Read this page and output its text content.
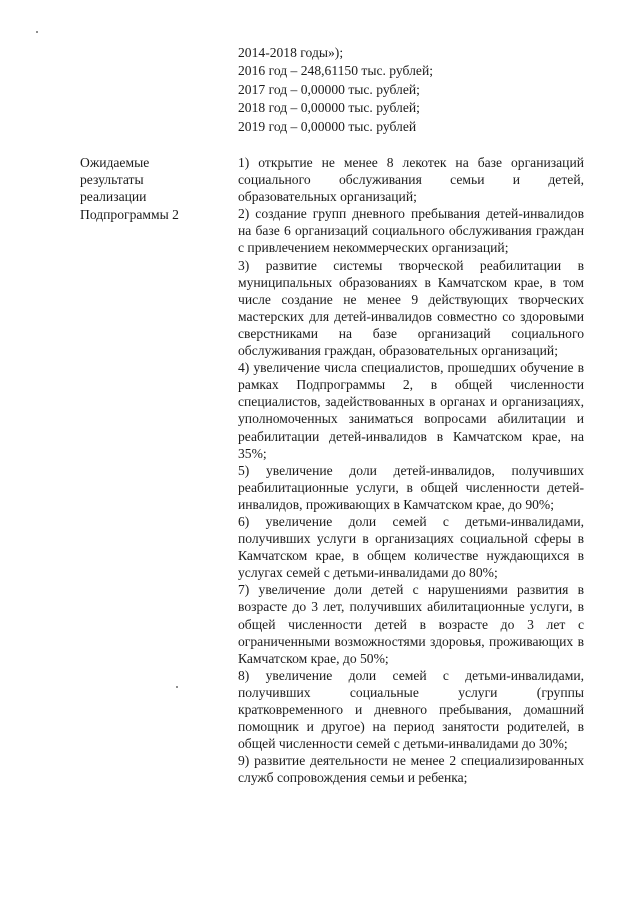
2014-2018 годы»);
2016 год – 248,61150 тыс. рублей;
2017 год – 0,00000 тыс. рублей;
2018 год – 0,00000 тыс. рублей;
2019 год – 0,00000 тыс. рублей
Ожидаемые
результаты
реализации
Подпрограммы 2

1) открытие не менее 8 лекотек на базе организаций социального обслуживания семьи и детей, образовательных организаций;

2) создание групп дневного пребывания детей-инвалидов на базе 6 организаций социального обслуживания граждан с привлечением некоммерческих организаций;

3) развитие системы творческой реабилитации в муниципальных образованиях в Камчатском крае, в том числе создание не менее 9 действующих творческих мастерских для детей-инвалидов совместно со здоровыми сверстниками на базе организаций социального обслуживания граждан, образовательных организаций;

4) увеличение числа специалистов, прошедших обучение в рамках Подпрограммы 2, в общей численности специалистов, задействованных в органах и организациях, уполномоченных заниматься вопросами абилитации и реабилитации детей-инвалидов в Камчатском крае, на 35%;

5) увеличение доли детей-инвалидов, получивших реабилитационные услуги, в общей численности детей-инвалидов, проживающих в Камчатском крае, до 90%;

6) увеличение доли семей с детьми-инвалидами, получивших услуги в организациях социальной сферы в Камчатском крае, в общем количестве нуждающихся в услугах семей с детьми-инвалидами до 80%;

7) увеличение доли детей с нарушениями развития в возрасте до 3 лет, получивших абилитационные услуги, в общей численности детей в возрасте до 3 лет с ограниченными возможностями здоровья, проживающих в Камчатском крае, до 50%;

8) увеличение доли семей с детьми-инвалидами, получивших социальные услуги (группы кратковременного и дневного пребывания, домашний помощник и другое) на период занятости родителей, в общей численности семей с детьми-инвалидами до 30%;

9) развитие деятельности не менее 2 специализированных служб сопровождения семьи и ребенка;
